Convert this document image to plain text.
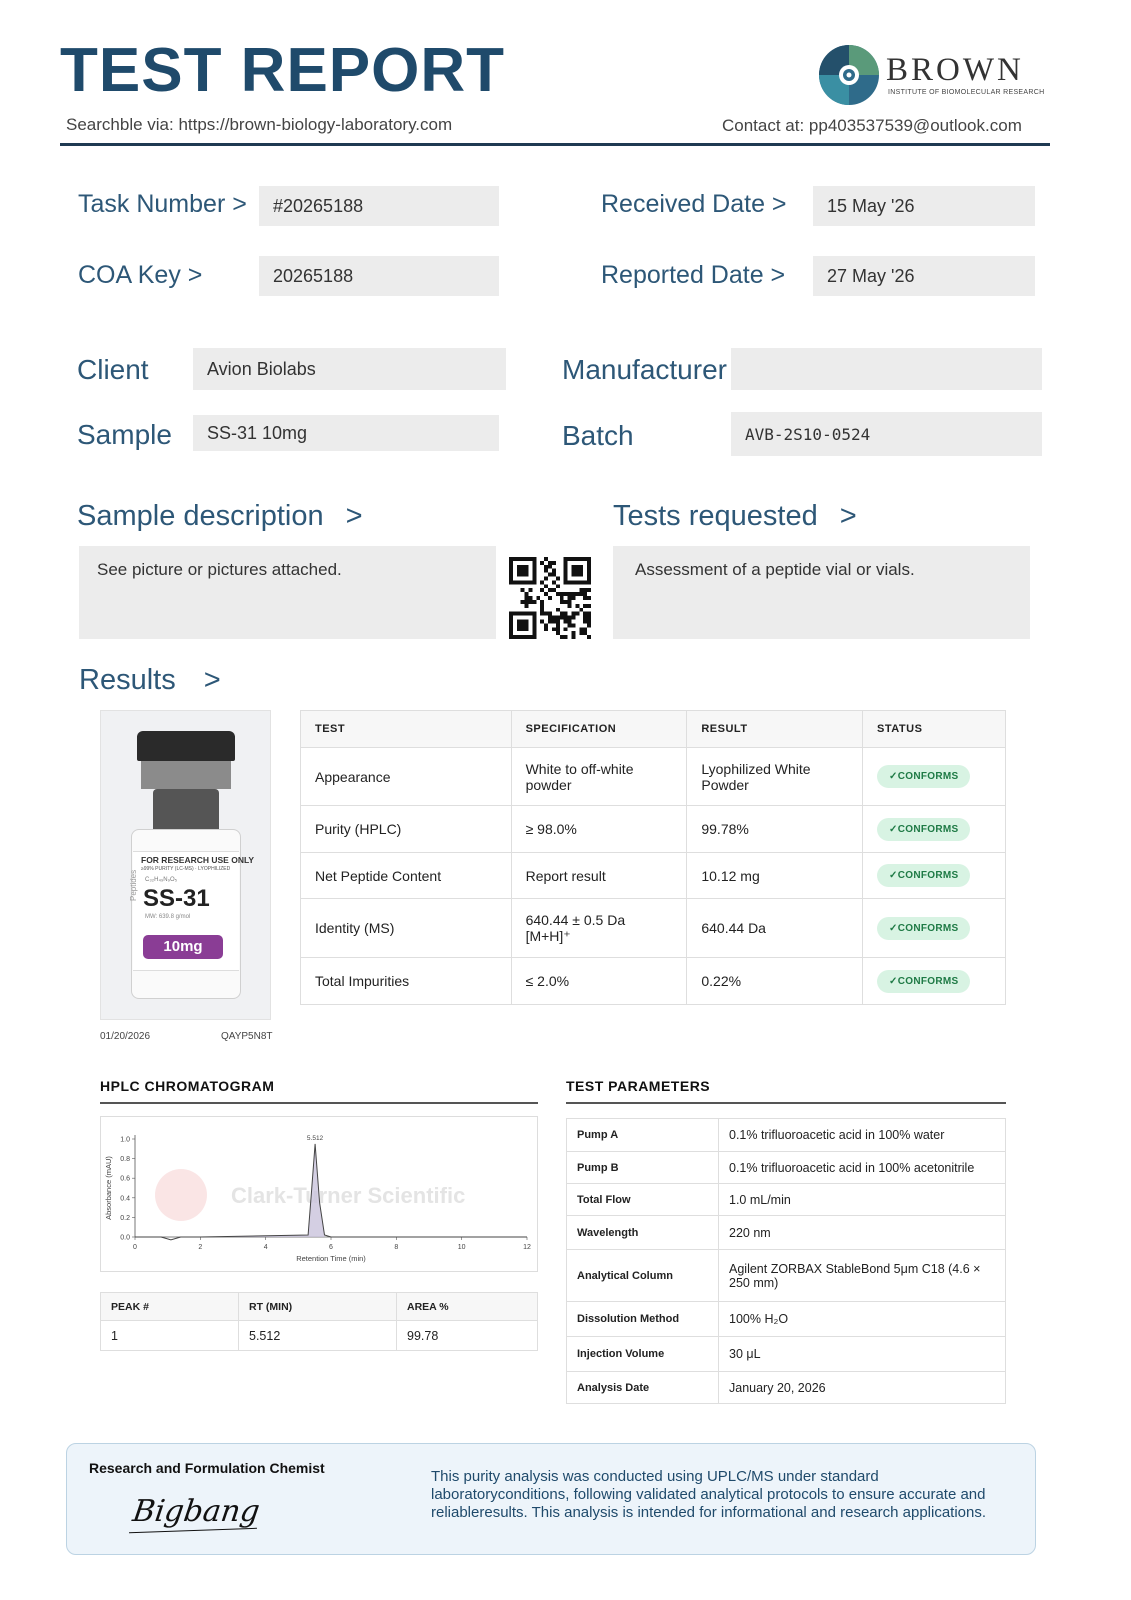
TEST REPORT
Searchble via: https://brown-biology-laboratory.com	Contact at: pp403537539@outlook.com
BROWN
INSTITUTE OF BIOMOLECULAR RESEARCH
Task Number >	#20265188
COA Key >	20265188
Received Date >	15 May '26
Reported Date >	27 May '26
Client	Avion Biolabs
Sample	SS-31 10mg
Manufacturer
Batch	AVB-2S10-0524
Sample description >
See picture or pictures attached.
Tests requested >
Assessment of a peptide vial or vials.
Results >
FOR RESEARCH USE ONLY
≥99% PURITY (LC-MS) · LYOPHILIZED
C₃₂H₄₉N₉O₅
SS-31
MW: 639.8 g/mol
10mg
Peptides
01/20/2026	QAYP5N8T
TEST	SPECIFICATION	RESULT	STATUS
Appearance	White to off-white powder	Lyophilized White Powder	✓CONFORMS
Purity (HPLC)	≥ 98.0%	99.78%	✓CONFORMS
Net Peptide Content	Report result	10.12 mg	✓CONFORMS
Identity (MS)	640.44 ± 0.5 Da [M+H]⁺	640.44 Da	✓CONFORMS
Total Impurities	≤ 2.0%	0.22%	✓CONFORMS
HPLC CHROMATOGRAM
Clark-Turner Scientific
0	2	4	6	8	10	12
0.0
0.2
0.4
0.6
0.8
1.0
Retention Time (min)
Absorbance (mAU)
5.512
PEAK #	RT (MIN)	AREA %
1	5.512	99.78
TEST PARAMETERS
Pump A	0.1% trifluoroacetic acid in 100% water
Pump B	0.1% trifluoroacetic acid in 100% acetonitrile
Total Flow	1.0 mL/min
Wavelength	220 nm
Analytical Column	Agilent ZORBAX StableBond 5μm C18 (4.6 × 250 mm)
Dissolution Method	100% H₂O
Injection Volume	30 μL
Analysis Date	January 20, 2026
Research and Formulation Chemist
Bigbang
This purity analysis was conducted using UPLC/MS under standard laboratoryconditions, following validated analytical protocols to ensure accurate and reliableresults. This analysis is intended for informational and research applications.
